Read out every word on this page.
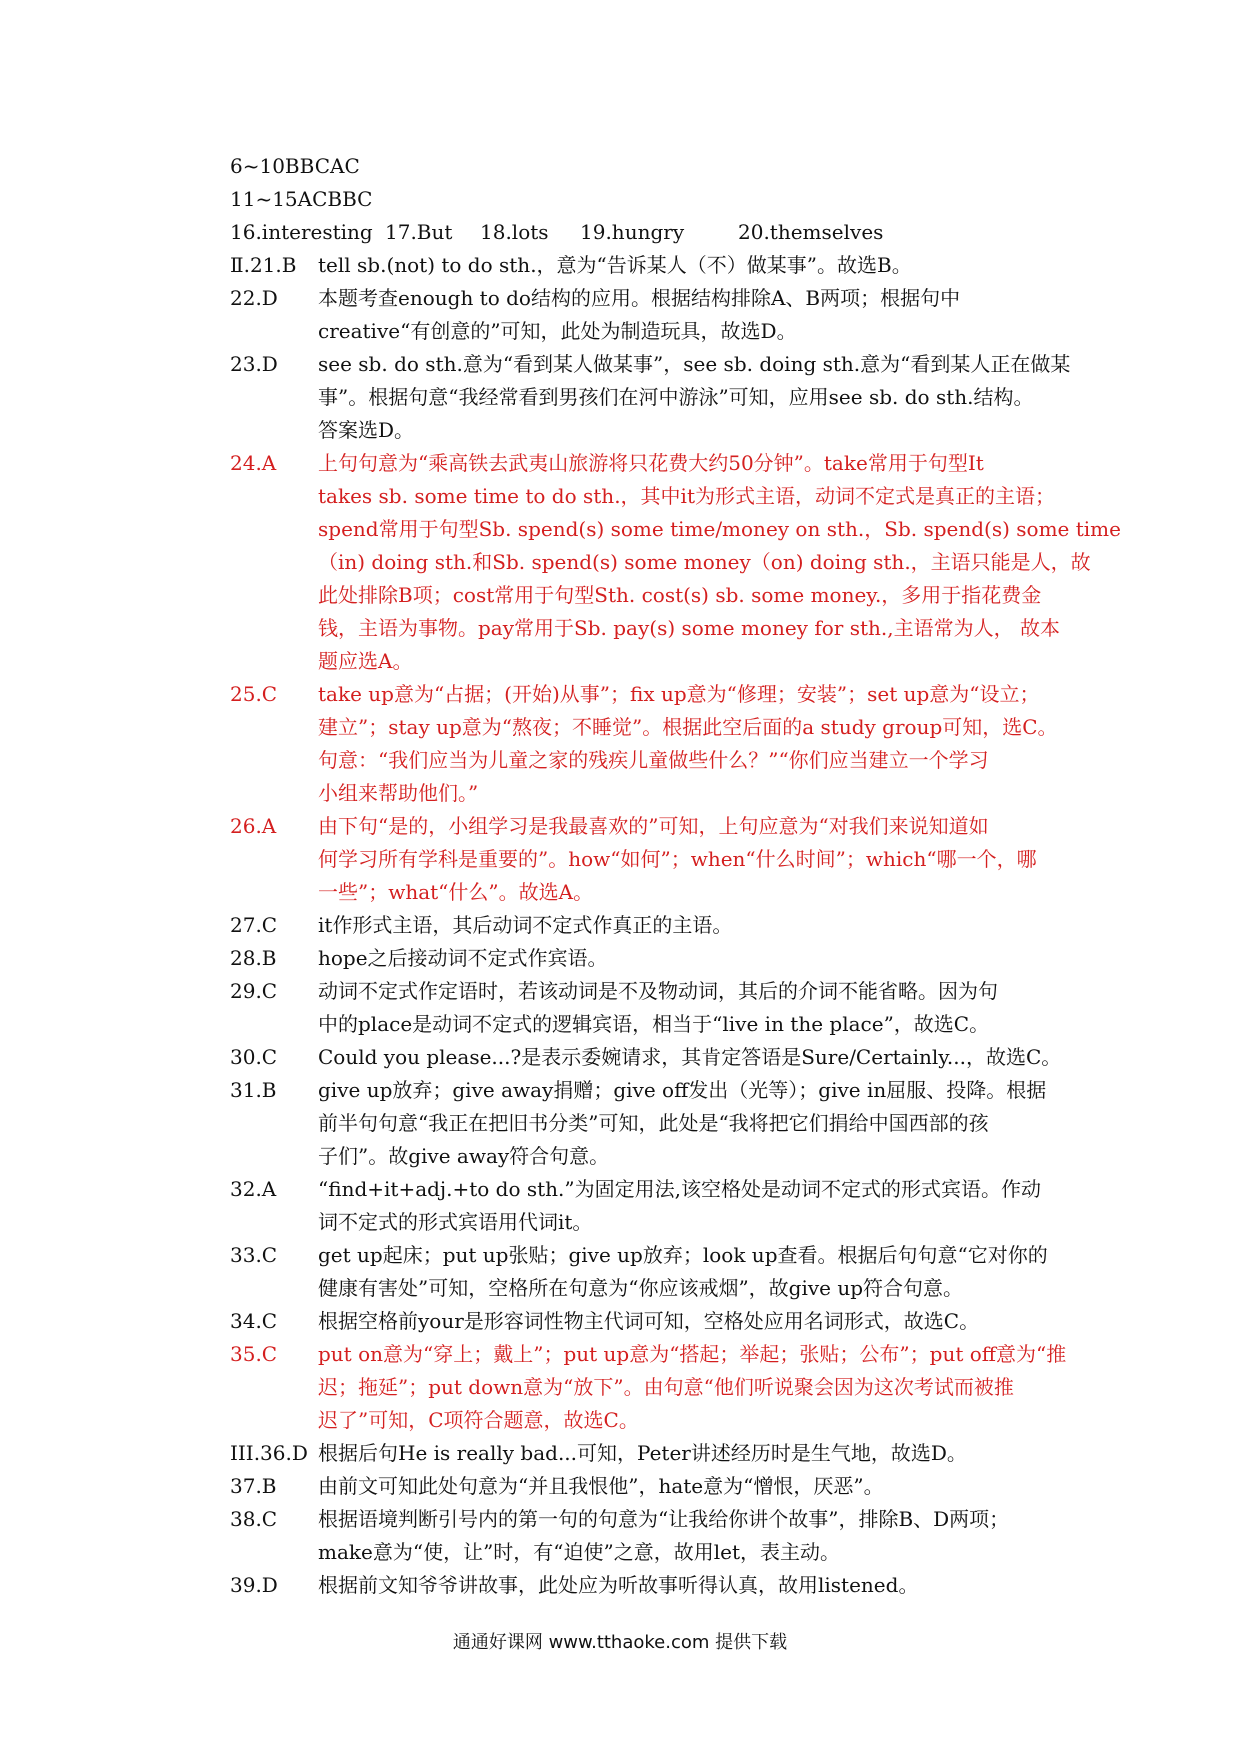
6~10BBCAC
11~15ACBBC
16.interesting 17.But	18.lots	19.hungry	20.themselves
Ⅱ.21.B	tell sb.(not) to do sth.，意为“告诉某人（不）做某事”。故选B。
22.D	本题考查enough to do结构的应用。根据结构排除A、B两项；根据句中
creative“有创意的”可知，此处为制造玩具，故选D。
23.D	see sb. do sth.意为“看到某人做某事”，see sb. doing sth.意为“看到某人正在做某
事”。根据句意“我经常看到男孩们在河中游泳”可知，应用see sb. do sth.结构。
答案选D。
24.A	上句句意为“乘高铁去武夷山旅游将只花费大约50分钟”。take常用于句型It
takes sb. some time to do sth.，其中it为形式主语，动词不定式是真正的主语；
spend常用于句型Sb. spend(s) some time/money on sth.，Sb. spend(s) some time
（in) doing sth.和Sb. spend(s) some money（on) doing sth.，主语只能是人，故
此处排除B项；cost常用于句型Sth. cost(s) sb. some money.，多用于指花费金
钱，主语为事物。pay常用于Sb. pay(s) some money for sth.,主语常为人， 故本
题应选A。
25.C	take up意为“占据；(开始)从事”；fix up意为“修理；安装”；set up意为“设立；
建立”；stay up意为“熬夜；不睡觉”。根据此空后面的a study group可知，选C。
句意：“我们应当为儿童之家的残疾儿童做些什么？”“你们应当建立一个学习
小组来帮助他们。”
26.A	由下句“是的，小组学习是我最喜欢的”可知，上句应意为“对我们来说知道如
何学习所有学科是重要的”。how“如何”；when“什么时间”；which“哪一个，哪
一些”；what“什么”。故选A。
27.C	it作形式主语，其后动词不定式作真正的主语。
28.B	hope之后接动词不定式作宾语。
29.C	动词不定式作定语时，若该动词是不及物动词，其后的介词不能省略。因为句
中的place是动词不定式的逻辑宾语，相当于“live in the place”，故选C。
30.C	Could you please...?是表示委婉请求，其肯定答语是Sure/Certainly...，故选C。
31.B	give up放弃；give away捐赠；give off发出（光等）；give in屈服、投降。根据
前半句句意“我正在把旧书分类”可知，此处是“我将把它们捐给中国西部的孩
子们”。故give away符合句意。
32.A	“find+it+adj.+to do sth.”为固定用法,该空格处是动词不定式的形式宾语。作动
词不定式的形式宾语用代词it。
33.C	get up起床；put up张贴；give up放弃；look up查看。根据后句句意“它对你的
健康有害处”可知，空格所在句意为“你应该戒烟”，故give up符合句意。
34.C	根据空格前your是形容词性物主代词可知，空格处应用名词形式，故选C。
35.C	put on意为“穿上；戴上”；put up意为“搭起；举起；张贴；公布”；put off意为“推
迟；拖延”；put down意为“放下”。由句意“他们听说聚会因为这次考试而被推
迟了”可知，C项符合题意，故选C。
III.36.D 根据后句He is really bad...可知，Peter讲述经历时是生气地，故选D。
37.B	由前文可知此处句意为“并且我恨他”，hate意为“憎恨，厌恶”。
38.C	根据语境判断引号内的第一句的句意为“让我给你讲个故事”，排除B、D两项；
make意为“使，让”时，有“迫使”之意，故用let，表主动。
39.D	根据前文知爷爷讲故事，此处应为听故事听得认真，故用listened。
通通好课网 www.tthaoke.com 提供下载
